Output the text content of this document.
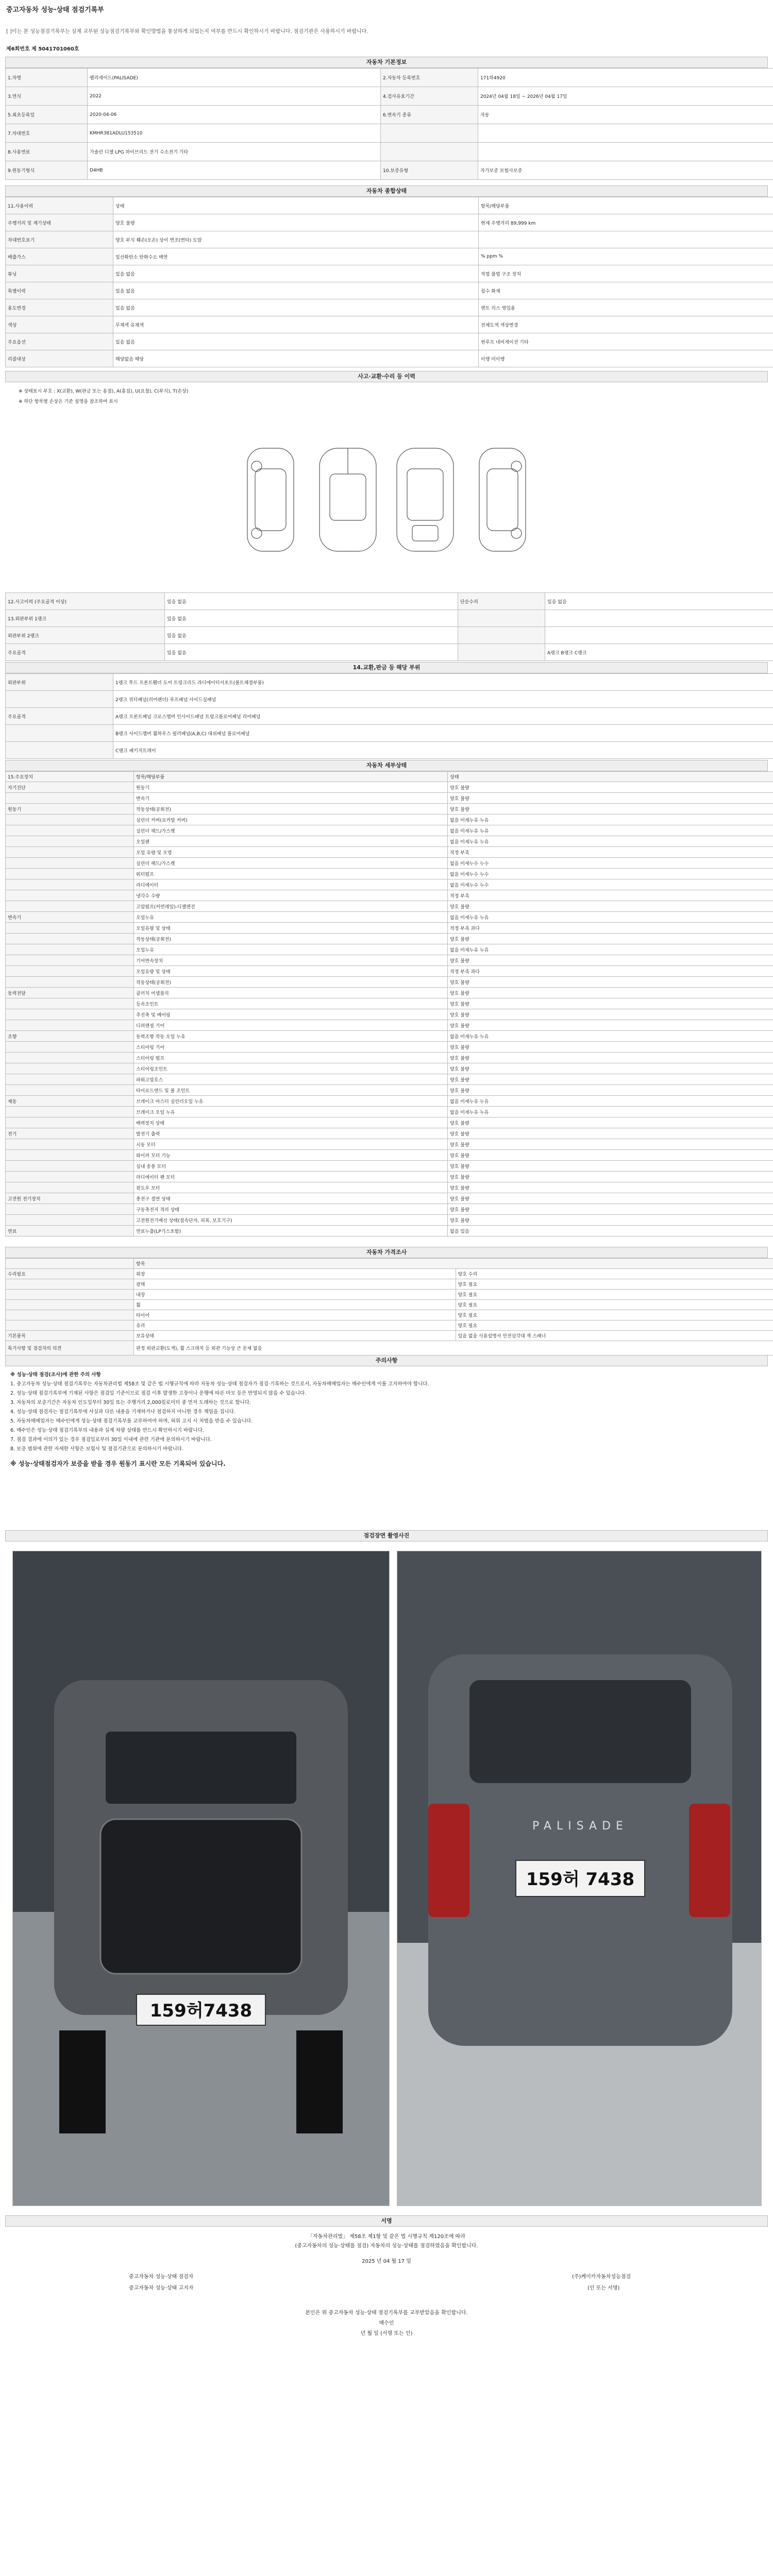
중고자동차 성능·상태 점검기록부
[ ]이는 본 성능점검기록부는 실제 교부된 성능점검기록부와 확인방법을 통상하게 되었는지 여부를 반드시 확인하시기 바랍니다. 점검기관은 사용하시기 바랍니다.
제6회번호 제 5041701060호
자동차 기본정보
1.차명	펠리세이드(PALISADE)	2.자동차 등록번호	171하4920
3.연식	2022	4.검사유효기간	2024년 04월 18일 ~ 2026년 04월 17일
5.최초등록일	2020-04-06	6.변속기 종류	자동
7.차대번호	KMHR381ADLU153510		
8.사용연료	가솔린 디젤 LPG 하이브리드 전기 수소전기 기타		
9.원동기형식	D4HB	10.보증유형	자가보증 보험사보증
자동차 종합상태
11.사용이력	상태	항목/해당부품
주행거리 및 계기상태	양호 불량	현재 주행거리 89,999 km
차대번호표기	양호 부식 훼손(오손) 상이 변조(변타) 도말	
배출가스	일산화탄소 탄화수소 매연	% ppm %
튜닝	있음 없음	적법 불법 구조 장치
특별이력	있음 없음	침수 화재
용도변경	있음 없음	렌트 리스 영업용
색상	무채색 유채색	전체도색 색상변경
주요옵션	있음 없음	썬루프 네비게이션 기타
리콜대상	해당없음 해당	이행 미이행
사고·교환·수리 등 이력
※ 상태표시 부호 : X(교환), W(판금 또는 용접), A(흠집), U(요철), C(부식), T(손상)
※ 하단 항목별 손상은 기준 설명을 참조하여 표시
12.사고이력 (주요골격 이상)	있음 없음	단순수리	있음 없음
13.외판부위 1랭크	있음 없음		
외판부위 2랭크	있음 없음		
주요골격	있음 없음		A랭크 B랭크 C랭크
14.교환,판금 등 해당 부위
외판부위	1랭크 후드 프론트휀더 도어 트렁크리드 라디에이터서포트(볼트체결부품)
	2랭크 쿼터패널(리어펜더) 루프패널 사이드실패널
주요골격	A랭크 프론트패널 크로스멤버 인사이드패널 트렁크플로어패널 리어패널
	B랭크 사이드멤버 휠하우스 필러패널(A,B,C) 대쉬패널 플로어패널
	C랭크 패키지트레이
자동차 세부상태
15.주요장치	항목/해당부품	상태
자기진단	원동기	양호 불량
	변속기	양호 불량
원동기	작동상태(공회전)	양호 불량
	실린더 커버(로커암 커버)	없음 미세누유 누유
	실린더 헤드/가스켓	없음 미세누유 누유
	오일팬	없음 미세누유 누유
	오일 유량 및 오염	적정 부족
	실린더 헤드/가스켓	없음 미세누수 누수
	워터펌프	없음 미세누수 누수
	라디에이터	없음 미세누수 누수
	냉각수 수량	적정 부족
	고압펌프(커먼레일)-디젤엔진	양호 불량
변속기	오일누유	없음 미세누유 누유
	오일유량 및 상태	적정 부족 과다
	작동상태(공회전)	양호 불량
	오일누유	없음 미세누유 누유
	기어변속장치	양호 불량
	오일유량 및 상태	적정 부족 과다
	작동상태(공회전)	양호 불량
동력전달	클러치 어셈블리	양호 불량
	등속조인트	양호 불량
	추진축 및 베어링	양호 불량
	디퍼렌셜 기어	양호 불량
조향	동력조향 작동 오일 누유	없음 미세누유 누유
	스티어링 기어	양호 불량
	스티어링 펌프	양호 불량
	스티어링조인트	양호 불량
	파워고압호스	양호 불량
	타이로드엔드 및 볼 조인트	양호 불량
제동	브레이크 마스터 실린더오일 누유	없음 미세누유 누유
	브레이크 오일 누유	없음 미세누유 누유
	배력장치 상태	양호 불량
전기	발전기 출력	양호 불량
	시동 모터	양호 불량
	와이퍼 모터 기능	양호 불량
	실내 송풍 모터	양호 불량
	라디에이터 팬 모터	양호 불량
	윈도우 모터	양호 불량
고전원 전기장치	충전구 절연 상태	양호 불량
	구동축전지 격리 상태	양호 불량
	고전원전기배선 상태(접속단자, 피복, 보호기구)	양호 불량
연료	연료누출(LP가스포함)	없음 있음
자동차 가격조사
	항목	
수리필요	외장	양호 수리
	광택	양호 필요
	내장	양호 필요
	휠	양호 필요
	타이어	양호 필요
	유리	양호 필요
기본품목	보유상태	있음 없음 사용설명서 안전삼각대 잭 스패너
특기사항 및 점검자의 의견	판정 외판교환(도색), 휠 스크래치 등 외관 기능상 큰 문제 없음	
주의사항

※ 성능·상태 점검(조사)에 관한 주의 사항

1. 중고자동차 성능·상태 점검기록부는 자동차관리법 제58조 및 같은 법 시행규칙에 따라 자동차 성능·상태 점검자가 점검·기록하는 것으로서, 자동차매매업자는 매수인에게 이를 고지하여야 합니다.

2. 성능·상태 점검기록부에 기재된 사항은 점검일 기준이므로 점검 이후 발생한 고장이나 운행에 따른 마모 등은 반영되지 않을 수 있습니다.

3. 자동차의 보증기간은 자동차 인도일부터 30일 또는 주행거리 2,000킬로미터 중 먼저 도래하는 것으로 합니다.

4. 성능·상태 점검자는 점검기록부에 사실과 다른 내용을 기재하거나 점검하지 아니한 경우 책임을 집니다.

5. 자동차매매업자는 매수인에게 성능·상태 점검기록부를 교부하여야 하며, 허위 고지 시 처벌을 받을 수 있습니다.

6. 매수인은 성능·상태 점검기록부의 내용과 실제 차량 상태를 반드시 확인하시기 바랍니다.

7. 점검 결과에 이의가 있는 경우 점검일로부터 30일 이내에 관련 기관에 문의하시기 바랍니다.

8. 보증 범위에 관한 자세한 사항은 보험사 및 점검기관으로 문의하시기 바랍니다.

※ 성능·상태점검자가 보증을 받을 경우 원동기 표시란 모든 기록되어 있습니다.

점검장면 촬영사진
159허7438
PALISADE
159허 7438
서명
「자동차관리법」 제58조 제1항 및 같은 법 시행규칙 제120조에 따라
(중고자동차의 성능·상태를 점검) 자동차의 성능·상태를 점검하였음을 확인합니다.
2025 년 04 월 17 일
중고자동차 성능·상태 점검자	(주)케이카자동차성능점검
중고자동차 성능·상태 고지자	(인 또는 서명)
본인은 위 중고자동차 성능·상태 점검기록부를 교부받았음을 확인합니다.
매수인
년 월 일 (서명 또는 인)
